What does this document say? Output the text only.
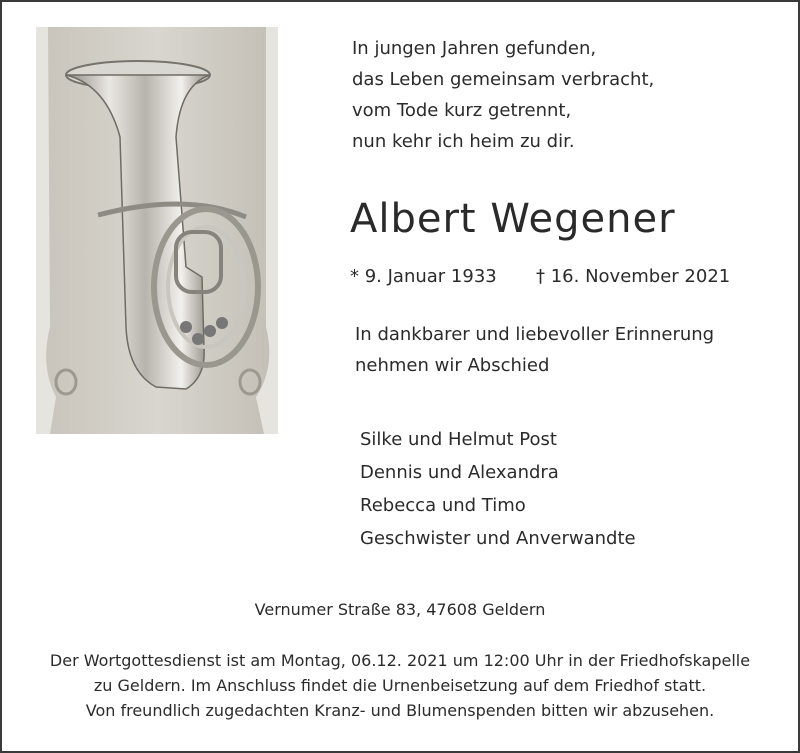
In jungen Jahren gefunden,
das Leben gemeinsam verbracht,
vom Tode kurz getrennt,
nun kehr ich heim zu dir.
Albert Wegener
* 9. Januar 1933 † 16. November 2021
In dankbarer und liebevoller Erinnerung
nehmen wir Abschied
Silke und Helmut Post
Dennis und Alexandra
Rebecca und Timo
Geschwister und Anverwandte
Vernumer Straße 83, 47608 Geldern
Der Wortgottesdienst ist am Montag, 06.12. 2021 um 12:00 Uhr in der Friedhofskapelle
zu Geldern. Im Anschluss findet die Urnenbeisetzung auf dem Friedhof statt.
Von freundlich zugedachten Kranz- und Blumenspenden bitten wir abzusehen.
